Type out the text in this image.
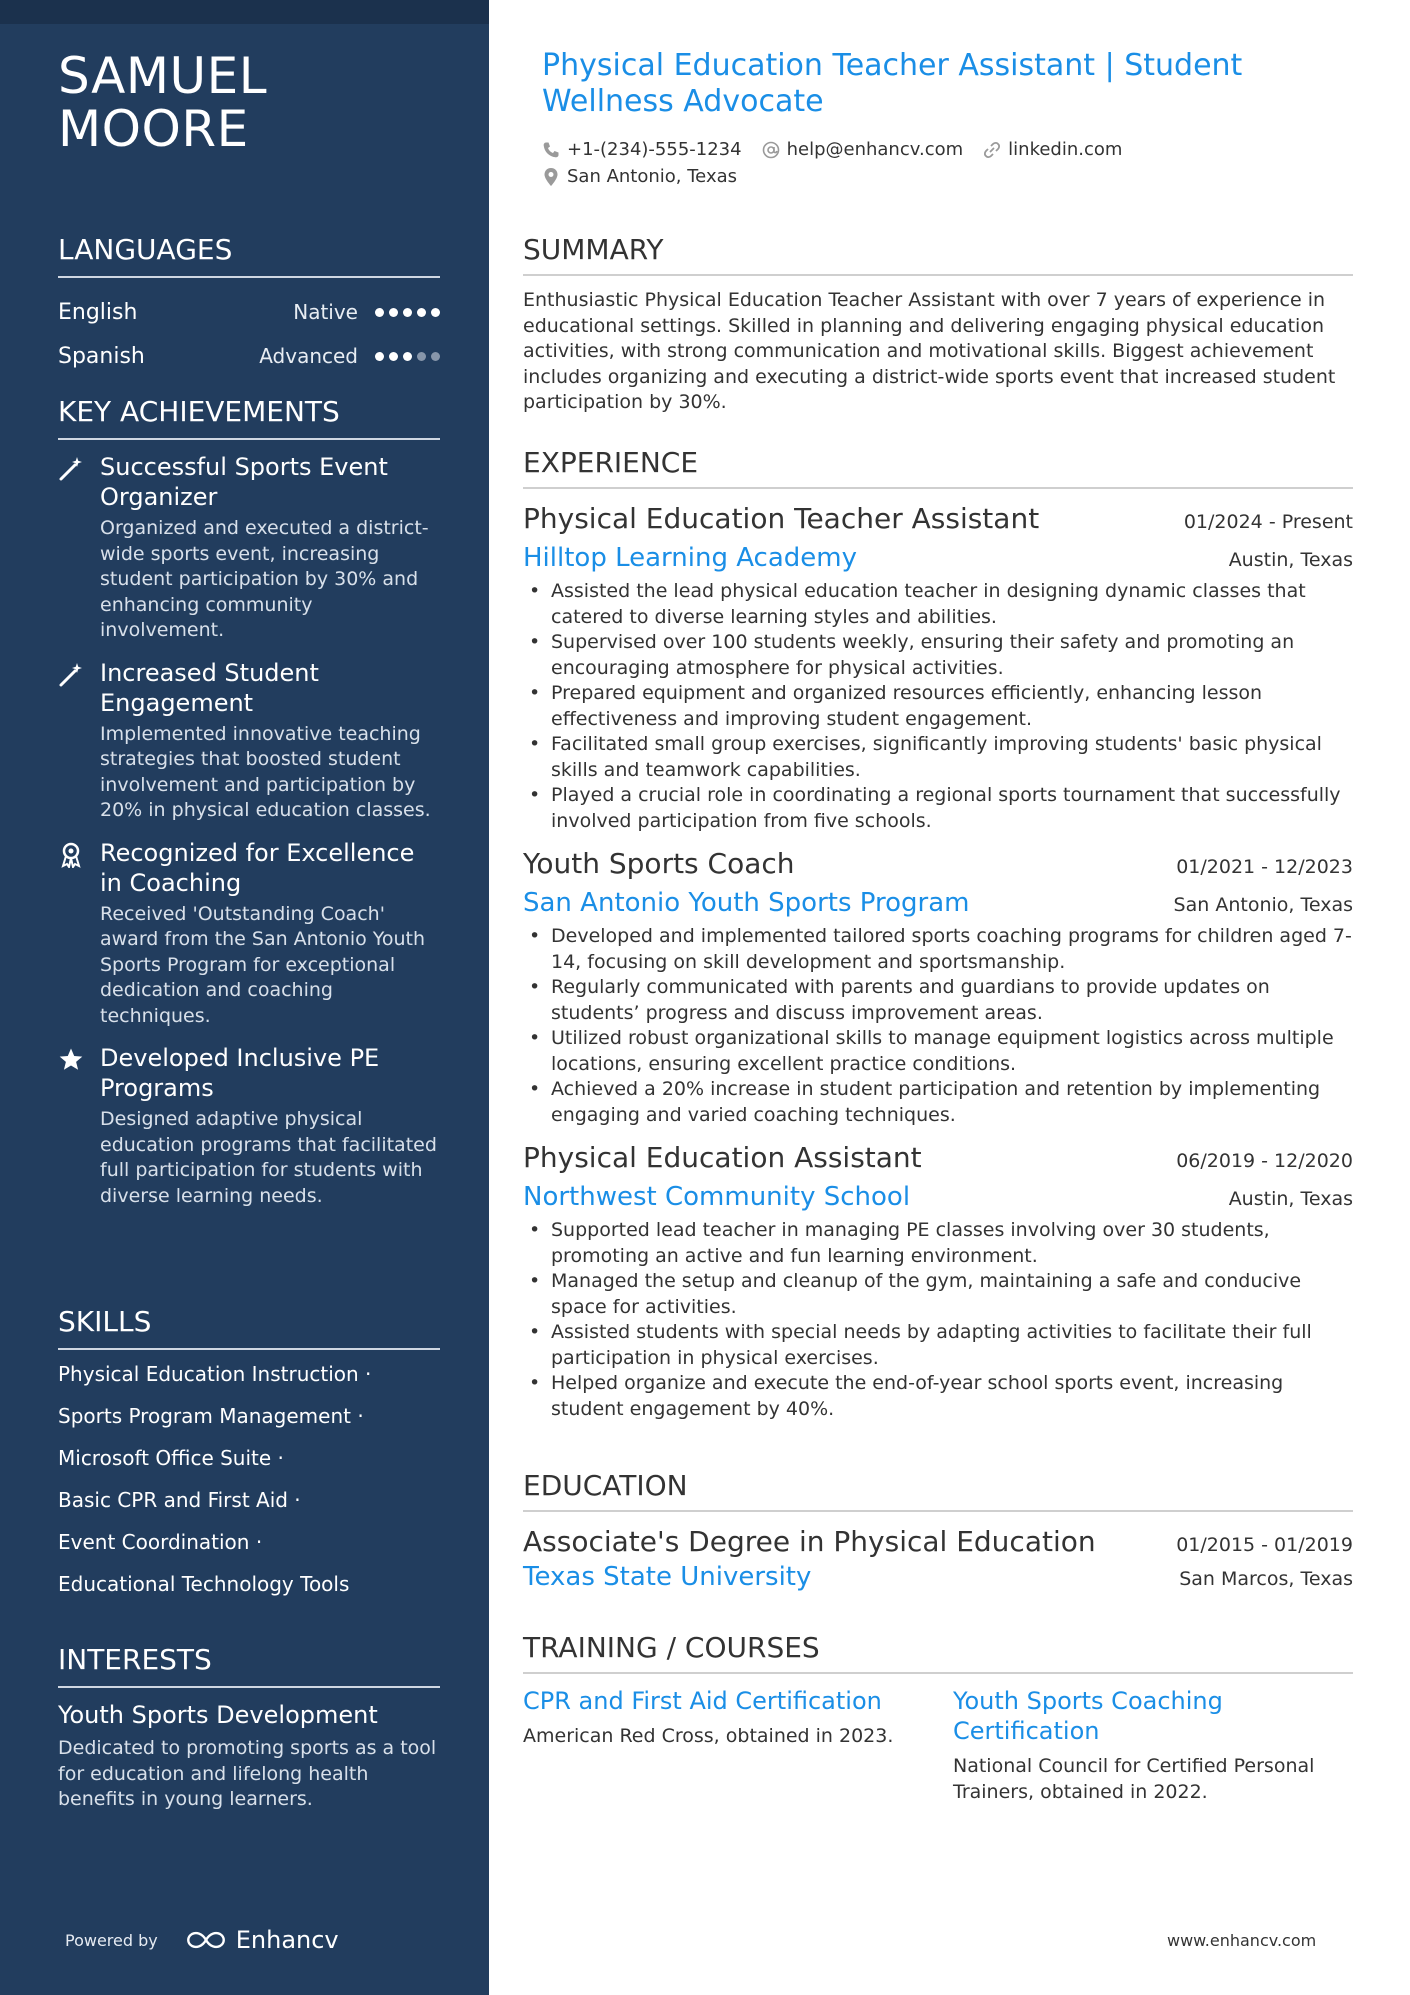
SAMUEL
MOORE
LANGUAGES
English	Native
Spanish	Advanced
KEY ACHIEVEMENTS
Successful Sports Event Organizer
Organized and executed a district-wide sports event, increasing student participation by 30% and enhancing community involvement.
Increased Student Engagement
Implemented innovative teaching strategies that boosted student involvement and participation by 20% in physical education classes.
Recognized for Excellence in Coaching
Received 'Outstanding Coach' award from the San Antonio Youth Sports Program for exceptional dedication and coaching techniques.
Developed Inclusive PE Programs
Designed adaptive physical education programs that facilitated full participation for students with diverse learning needs.
SKILLS
Physical Education Instruction ·
Sports Program Management ·
Microsoft Office Suite ·
Basic CPR and First Aid ·
Event Coordination ·
Educational Technology Tools
INTERESTS
Youth Sports Development
Dedicated to promoting sports as a tool for education and lifelong health benefits in young learners.
Powered by	Enhancv
Physical Education Teacher Assistant | Student Wellness Advocate
+1-(234)-555-1234	help@enhancv.com	linkedin.com
San Antonio, Texas
SUMMARY

Enthusiastic Physical Education Teacher Assistant with over 7 years of experience in educational settings. Skilled in planning and delivering engaging physical education activities, with strong communication and motivational skills. Biggest achievement includes organizing and executing a district-wide sports event that increased student participation by 30%.

EXPERIENCE
Physical Education Teacher Assistant	01/2024 - Present
Hilltop Learning Academy	Austin, Texas
• Assisted the lead physical education teacher in designing dynamic classes that catered to diverse learning styles and abilities.
• Supervised over 100 students weekly, ensuring their safety and promoting an encouraging atmosphere for physical activities.
• Prepared equipment and organized resources efficiently, enhancing lesson effectiveness and improving student engagement.
• Facilitated small group exercises, significantly improving students' basic physical skills and teamwork capabilities.
• Played a crucial role in coordinating a regional sports tournament that successfully involved participation from five schools.
Youth Sports Coach	01/2021 - 12/2023
San Antonio Youth Sports Program	San Antonio, Texas
• Developed and implemented tailored sports coaching programs for children aged 7-14, focusing on skill development and sportsmanship.
• Regularly communicated with parents and guardians to provide updates on students’ progress and discuss improvement areas.
• Utilized robust organizational skills to manage equipment logistics across multiple locations, ensuring excellent practice conditions.
• Achieved a 20% increase in student participation and retention by implementing engaging and varied coaching techniques.
Physical Education Assistant	06/2019 - 12/2020
Northwest Community School	Austin, Texas
• Supported lead teacher in managing PE classes involving over 30 students, promoting an active and fun learning environment.
• Managed the setup and cleanup of the gym, maintaining a safe and conducive space for activities.
• Assisted students with special needs by adapting activities to facilitate their full participation in physical exercises.
• Helped organize and execute the end-of-year school sports event, increasing student engagement by 40%.
EDUCATION
Associate's Degree in Physical Education	01/2015 - 01/2019
Texas State University	San Marcos, Texas
TRAINING / COURSES
CPR and First Aid Certification
American Red Cross, obtained in 2023.
Youth Sports Coaching Certification
National Council for Certified Personal Trainers, obtained in 2022.
www.enhancv.com
